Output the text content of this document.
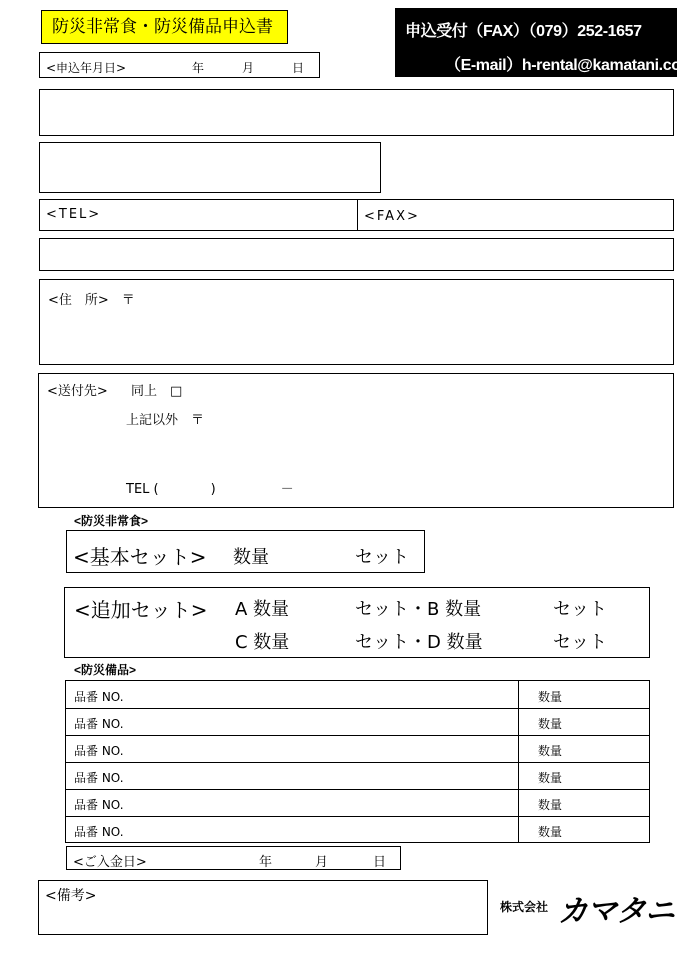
防災非常食・防災備品申込書
<申込年月日>	年	月	日
申込受付（FAX）（079）252-1657
（E-mail）h-rental@kamatani.co.jp
<TEL>	<FAX>
<住　所>　〒
<送付先> 同上　□
上記以外　〒
TEL (　　　　)　　　　　－
<防災非常食>
<基本セット> 数量	セット
<追加セット> A 数量	セット・B 数量	セット
C 数量	セット・D 数量	セット
<防災備品>
品番 NO.	数量
品番 NO.	数量
品番 NO.	数量
品番 NO.	数量
品番 NO.	数量
品番 NO.	数量
<ご入金日>	年	月	日
<備考>
株式会社 カマタニ
